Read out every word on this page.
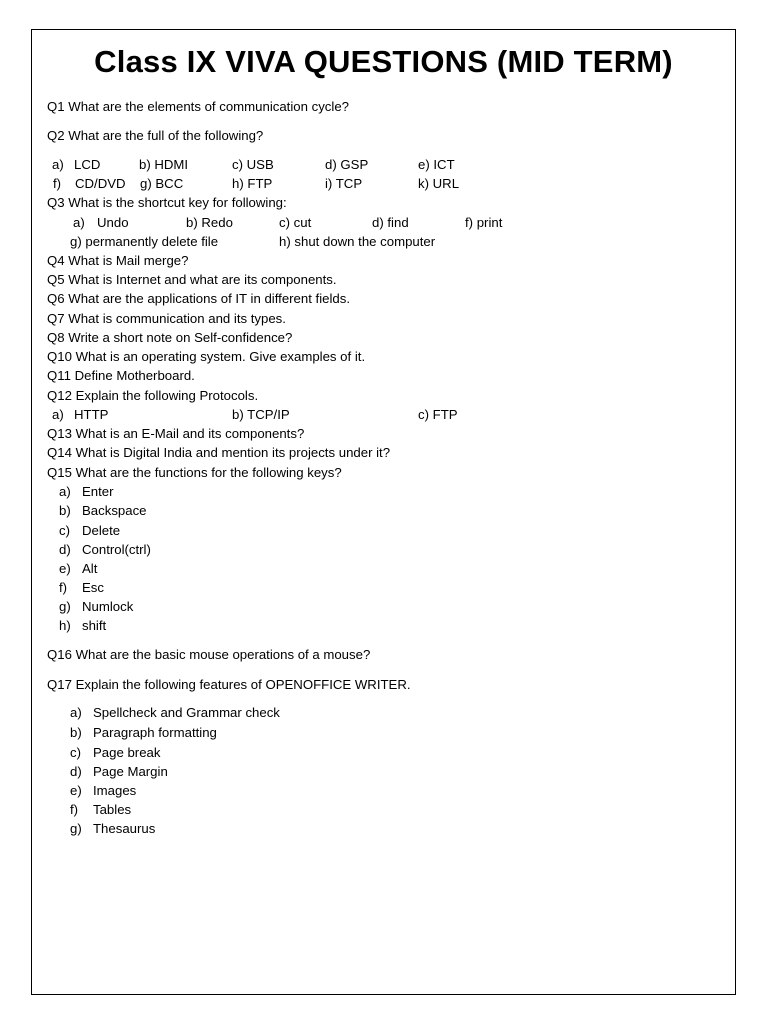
Class IX VIVA QUESTIONS (MID TERM)
Q1 What are the elements of communication cycle?
Q2 What are the full of the following?
a) LCD	b) HDMI	c) USB	d) GSP	e) ICT
f) CD/DVD g) BCC	h) FTP	i) TCP	k) URL
Q3 What is the shortcut key for following:
a) Undo	b) Redo	c) cut	d) find	f) print
g) permanently delete file	h) shut down the computer
Q4 What is Mail merge?
Q5 What is Internet and what are its components.
Q6 What are the applications of IT in different fields.
Q7 What is communication and its types.
Q8 Write a short note on Self-confidence?
Q10 What is an operating system. Give examples of it.
Q11 Define Motherboard.
Q12 Explain the following Protocols.
a) HTTP	b) TCP/IP	c) FTP
Q13 What is an E-Mail and its components?
Q14 What is Digital India and mention its projects under it?
Q15 What are the functions for the following keys?
a) Enter
b) Backspace
c) Delete
d) Control(ctrl)
e) Alt
f) Esc
g) Numlock
h) shift
Q16 What are the basic mouse operations of a mouse?
Q17 Explain the following features of OPENOFFICE WRITER.
a) Spellcheck and Grammar check
b) Paragraph formatting
c) Page break
d) Page Margin
e) Images
f) Tables
g) Thesaurus
